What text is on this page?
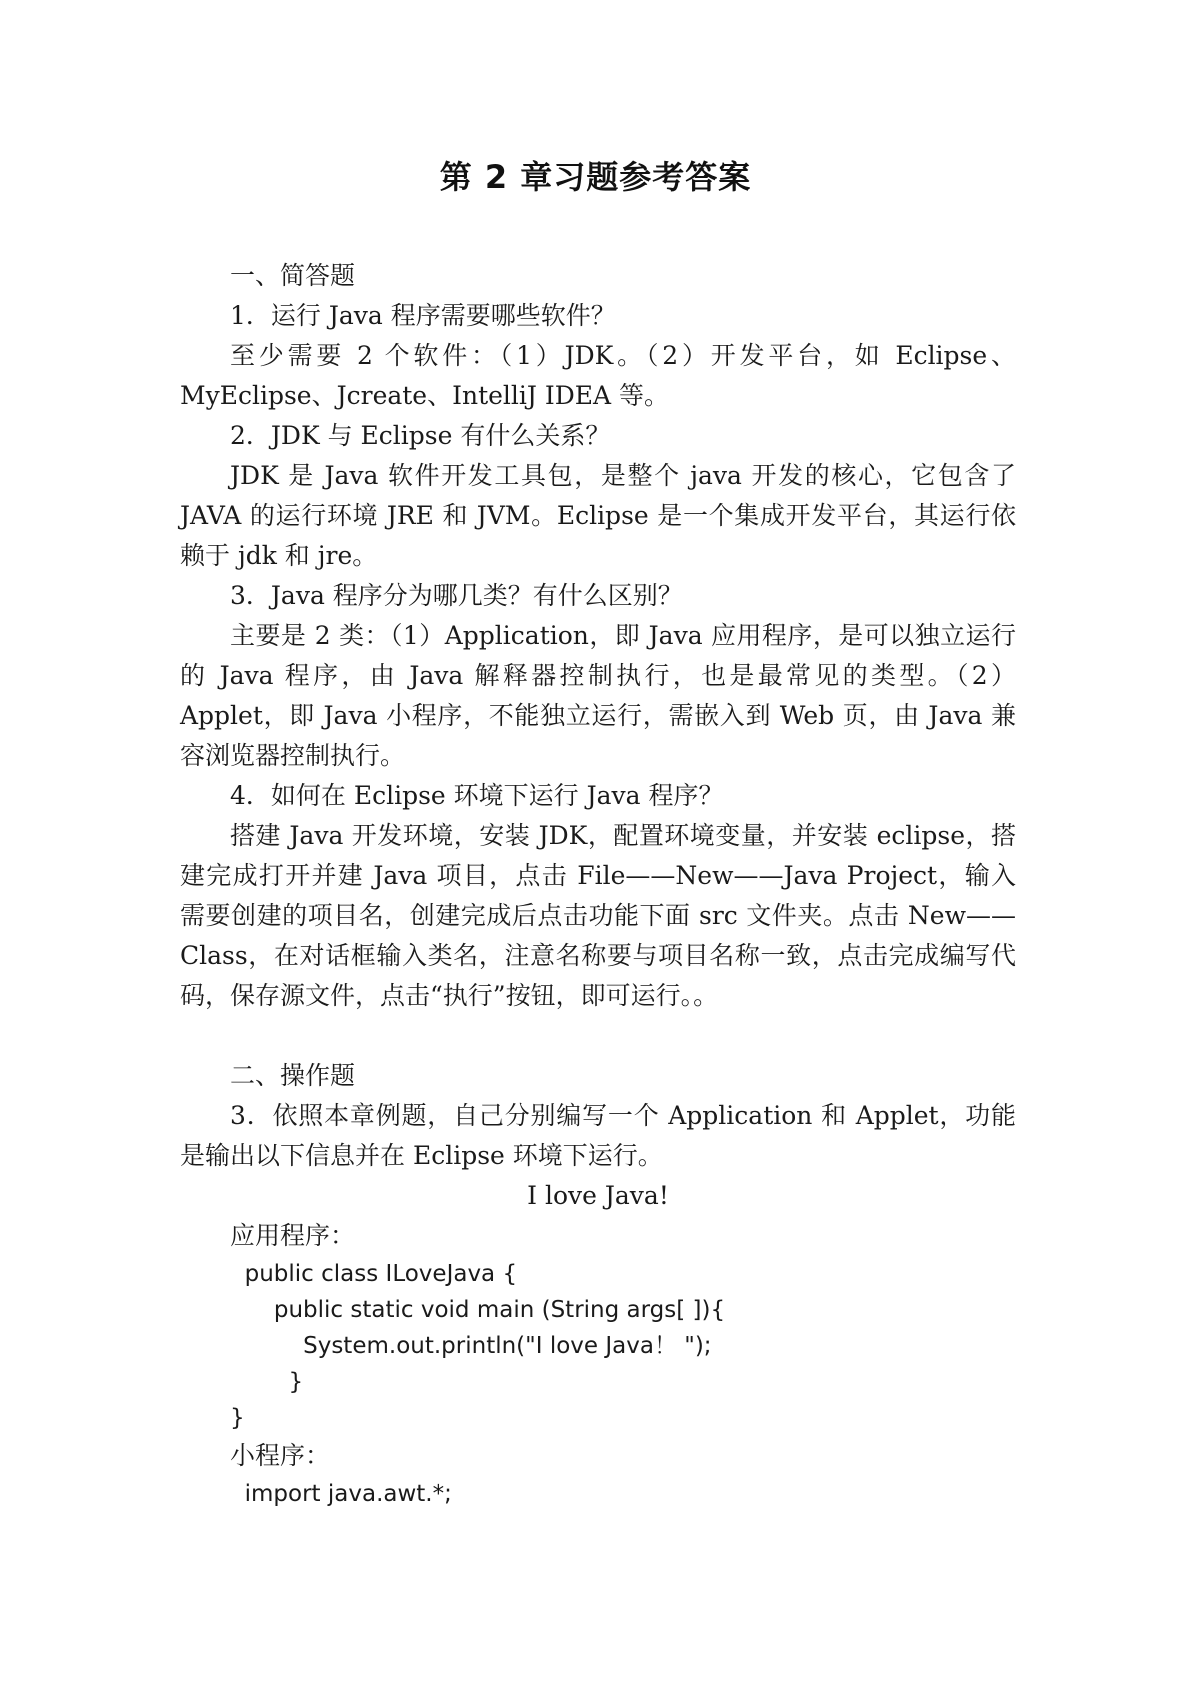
第 2 章习题参考答案

一、简答题

1．运行 Java 程序需要哪些软件？

至少需要 2 个软件：（1）JDK。（2）开发平台，如 Eclipse、MyEclipse、Jcreate、IntelliJ IDEA 等。

2．JDK 与 Eclipse 有什么关系？

JDK 是 Java 软件开发工具包，是整个 java 开发的核心，它包含了 JAVA 的运行环境 JRE 和 JVM。Eclipse 是一个集成开发平台，其运行依赖于 jdk 和 jre。

3．Java 程序分为哪几类？有什么区别？

主要是 2 类：（1）Application，即 Java 应用程序，是可以独立运行的 Java 程序，由 Java 解释器控制执行，也是最常见的类型。（2）Applet，即 Java 小程序，不能独立运行，需嵌入到 Web 页，由 Java 兼容浏览器控制执行。

4．如何在 Eclipse 环境下运行 Java 程序？

搭建 Java 开发环境，安装 JDK，配置环境变量，并安装 eclipse，搭建完成打开并建 Java 项目，点击 File——New——Java Project，输入需要创建的项目名，创建完成后点击功能下面 src 文件夹。点击 New——Class，在对话框输入类名，注意名称要与项目名称一致，点击完成编写代码，保存源文件，点击“执行”按钮，即可运行。。

二、操作题

3．依照本章例题，自己分别编写一个 Application 和 Applet，功能是输出以下信息并在 Eclipse 环境下运行。

I love Java!

应用程序：

public class ILoveJava {

public static void main (String args[ ]){

System.out.println("I love Java！ ");

}

}

小程序：

import java.awt.*;
